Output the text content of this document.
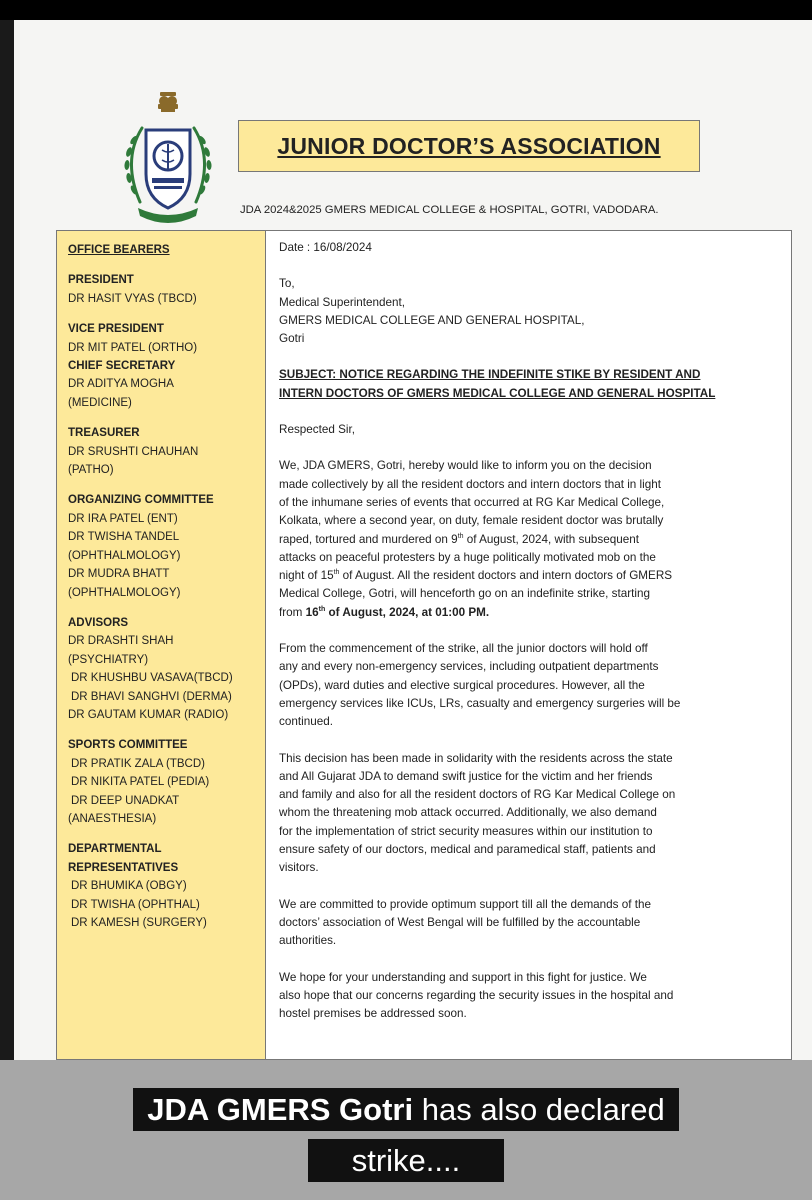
JUNIOR DOCTOR’S ASSOCIATION
JDA 2024&2025 GMERS MEDICAL COLLEGE & HOSPITAL, GOTRI, VADODARA.
OFFICE BEARERS
PRESIDENT
DR HASIT VYAS (TBCD)
VICE PRESIDENT
DR MIT PATEL (ORTHO)
CHIEF SECRETARY
DR ADITYA MOGHA
(MEDICINE)
TREASURER
DR SRUSHTI CHAUHAN
(PATHO)
ORGANIZING COMMITTEE
DR IRA PATEL (ENT)
DR TWISHA TANDEL
(OPHTHALMOLOGY)
DR MUDRA BHATT
(OPHTHALMOLOGY)
ADVISORS
DR DRASHTI SHAH
(PSYCHIATRY)
DR KHUSHBU VASAVA(TBCD)
DR BHAVI SANGHVI (DERMA)
DR GAUTAM KUMAR (RADIO)
SPORTS COMMITTEE
DR PRATIK ZALA (TBCD)
DR NIKITA PATEL (PEDIA)
DR DEEP UNADKAT
(ANAESTHESIA)
DEPARTMENTAL
REPRESENTATIVES
DR BHUMIKA (OBGY)
DR TWISHA (OPHTHAL)
DR KAMESH (SURGERY)
Date : 16/08/2024
To,
Medical Superintendent,
GMERS MEDICAL COLLEGE AND GENERAL HOSPITAL,
Gotri
SUBJECT: NOTICE REGARDING THE INDEFINITE STIKE BY RESIDENT AND
INTERN DOCTORS OF GMERS MEDICAL COLLEGE AND GENERAL HOSPITAL
Respected Sir,
We, JDA GMERS, Gotri, hereby would like to inform you on the decision
made collectively by all the resident doctors and intern doctors that in light
of the inhumane series of events that occurred at RG Kar Medical College,
Kolkata, where a second year, on duty, female resident doctor was brutally
raped, tortured and murdered on 9th of August, 2024, with subsequent
attacks on peaceful protesters by a huge politically motivated mob on the
night of 15th of August. All the resident doctors and intern doctors of GMERS
Medical College, Gotri, will henceforth go on an indefinite strike, starting
from 16th of August, 2024, at 01:00 PM.
From the commencement of the strike, all the junior doctors will hold off
any and every non-emergency services, including outpatient departments
(OPDs), ward duties and elective surgical procedures. However, all the
emergency services like ICUs, LRs, casualty and emergency surgeries will be
continued.
This decision has been made in solidarity with the residents across the state
and All Gujarat JDA to demand swift justice for the victim and her friends
and family and also for all the resident doctors of RG Kar Medical College on
whom the threatening mob attack occurred. Additionally, we also demand
for the implementation of strict security measures within our institution to
ensure safety of our doctors, medical and paramedical staff, patients and
visitors.
We are committed to provide optimum support till all the demands of the
doctors’ association of West Bengal will be fulfilled by the accountable
authorities.
We hope for your understanding and support in this fight for justice. We
also hope that our concerns regarding the security issues in the hospital and
hostel premises be addressed soon.
JDA GMERS Gotri has also declared
strike....
